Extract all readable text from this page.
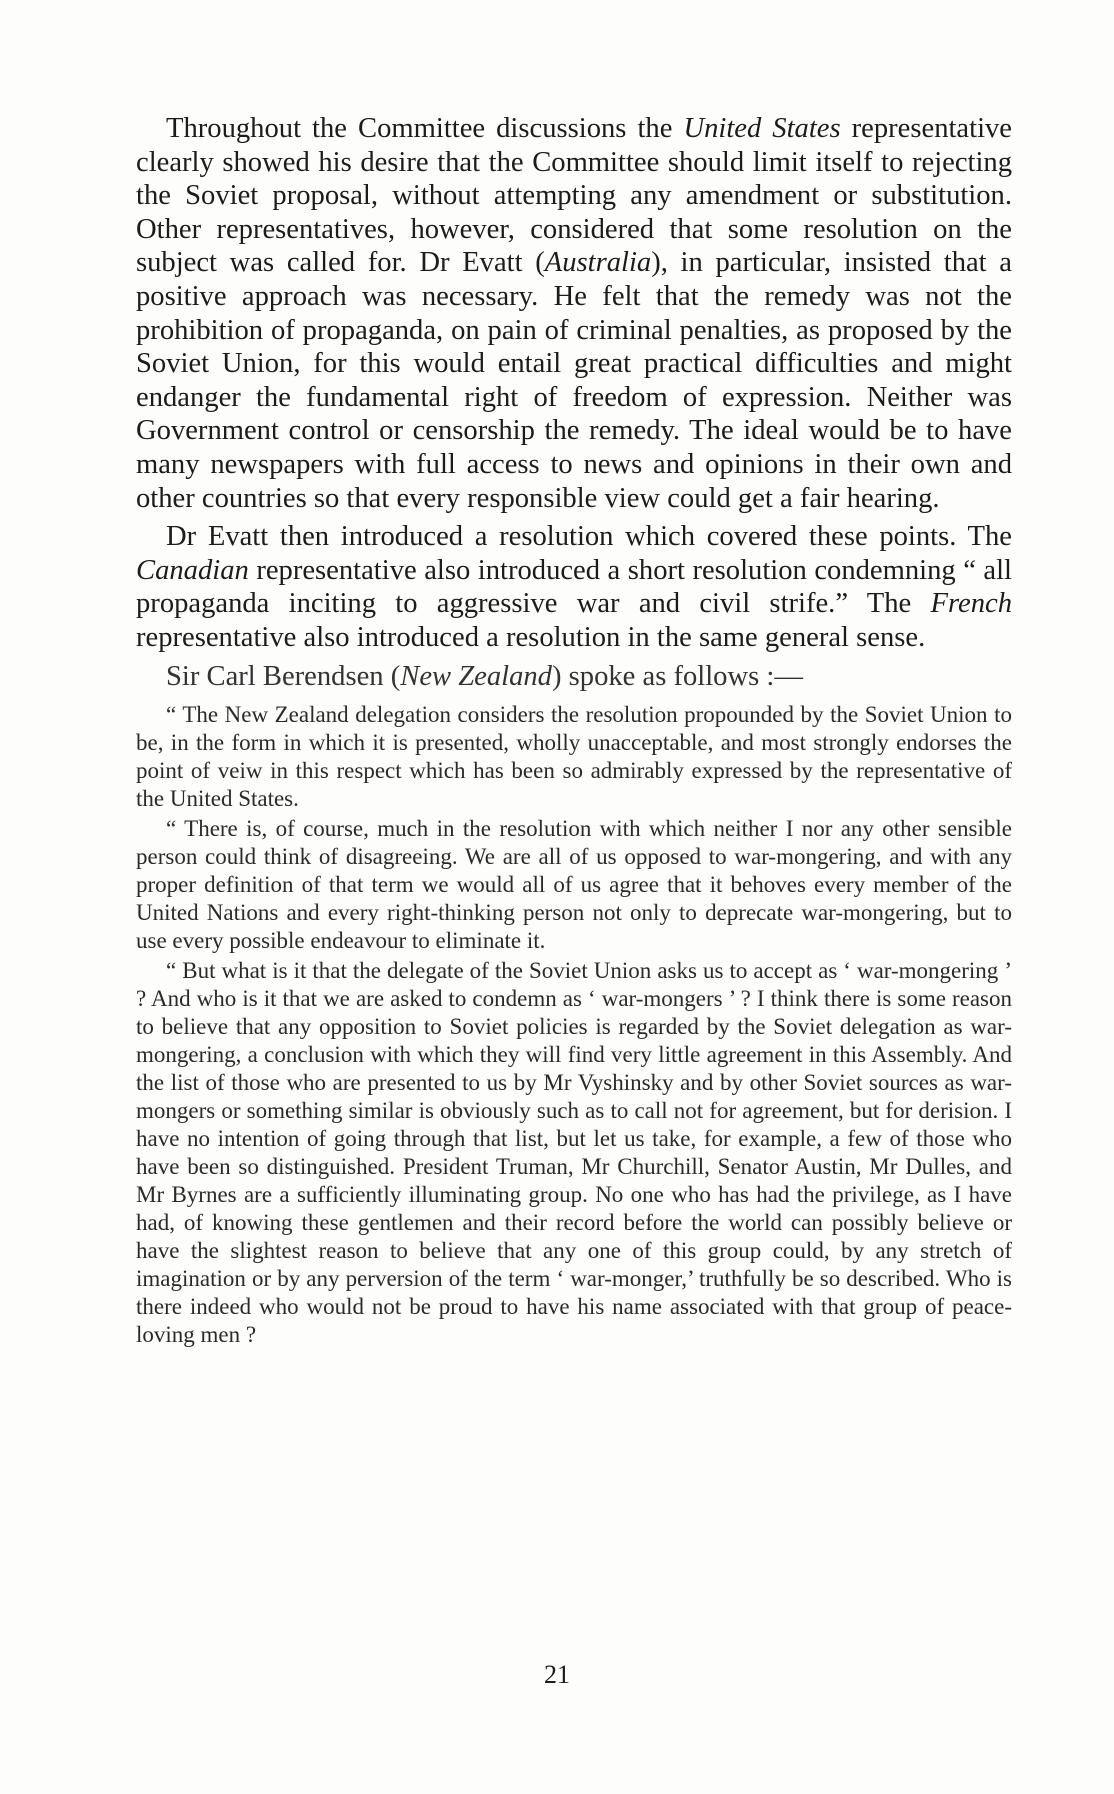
Throughout the Committee discussions the United States representative clearly showed his desire that the Committee should limit itself to rejecting the Soviet proposal, without attempting any amendment or substitution. Other representatives, however, considered that some resolution on the subject was called for. Dr Evatt (Australia), in particular, insisted that a positive approach was necessary. He felt that the remedy was not the prohibition of propaganda, on pain of criminal penalties, as proposed by the Soviet Union, for this would entail great practical difficulties and might endanger the fundamental right of freedom of expression. Neither was Government control or censorship the remedy. The ideal would be to have many newspapers with full access to news and opinions in their own and other countries so that every responsible view could get a fair hearing.

Dr Evatt then introduced a resolution which covered these points. The Canadian representative also introduced a short resolution condemning “ all propaganda inciting to aggressive war and civil strife.” The French representative also introduced a resolution in the same general sense.

Sir Carl Berendsen (New Zealand) spoke as follows :—

“ The New Zealand delegation considers the resolution propounded by the Soviet Union to be, in the form in which it is presented, wholly unacceptable, and most strongly endorses the point of veiw in this respect which has been so admirably expressed by the representative of the United States.

“ There is, of course, much in the resolution with which neither I nor any other sensible person could think of disagreeing. We are all of us opposed to war-mongering, and with any proper definition of that term we would all of us agree that it behoves every member of the United Nations and every right-thinking person not only to deprecate war-mongering, but to use every possible endeavour to eliminate it.

“ But what is it that the delegate of the Soviet Union asks us to accept as ‘ war-mongering ’ ? And who is it that we are asked to condemn as ‘ war-mongers ’ ? I think there is some reason to believe that any opposition to Soviet policies is regarded by the Soviet delegation as war-mongering, a conclusion with which they will find very little agreement in this Assembly. And the list of those who are presented to us by Mr Vyshinsky and by other Soviet sources as war-mongers or something similar is obviously such as to call not for agreement, but for derision. I have no intention of going through that list, but let us take, for example, a few of those who have been so distinguished. President Truman, Mr Churchill, Senator Austin, Mr Dulles, and Mr Byrnes are a sufficiently illuminating group. No one who has had the privilege, as I have had, of knowing these gentlemen and their record before the world can possibly believe or have the slightest reason to believe that any one of this group could, by any stretch of imagination or by any perversion of the term ‘ war-monger,’ truthfully be so described. Who is there indeed who would not be proud to have his name associated with that group of peace-loving men ?

21
